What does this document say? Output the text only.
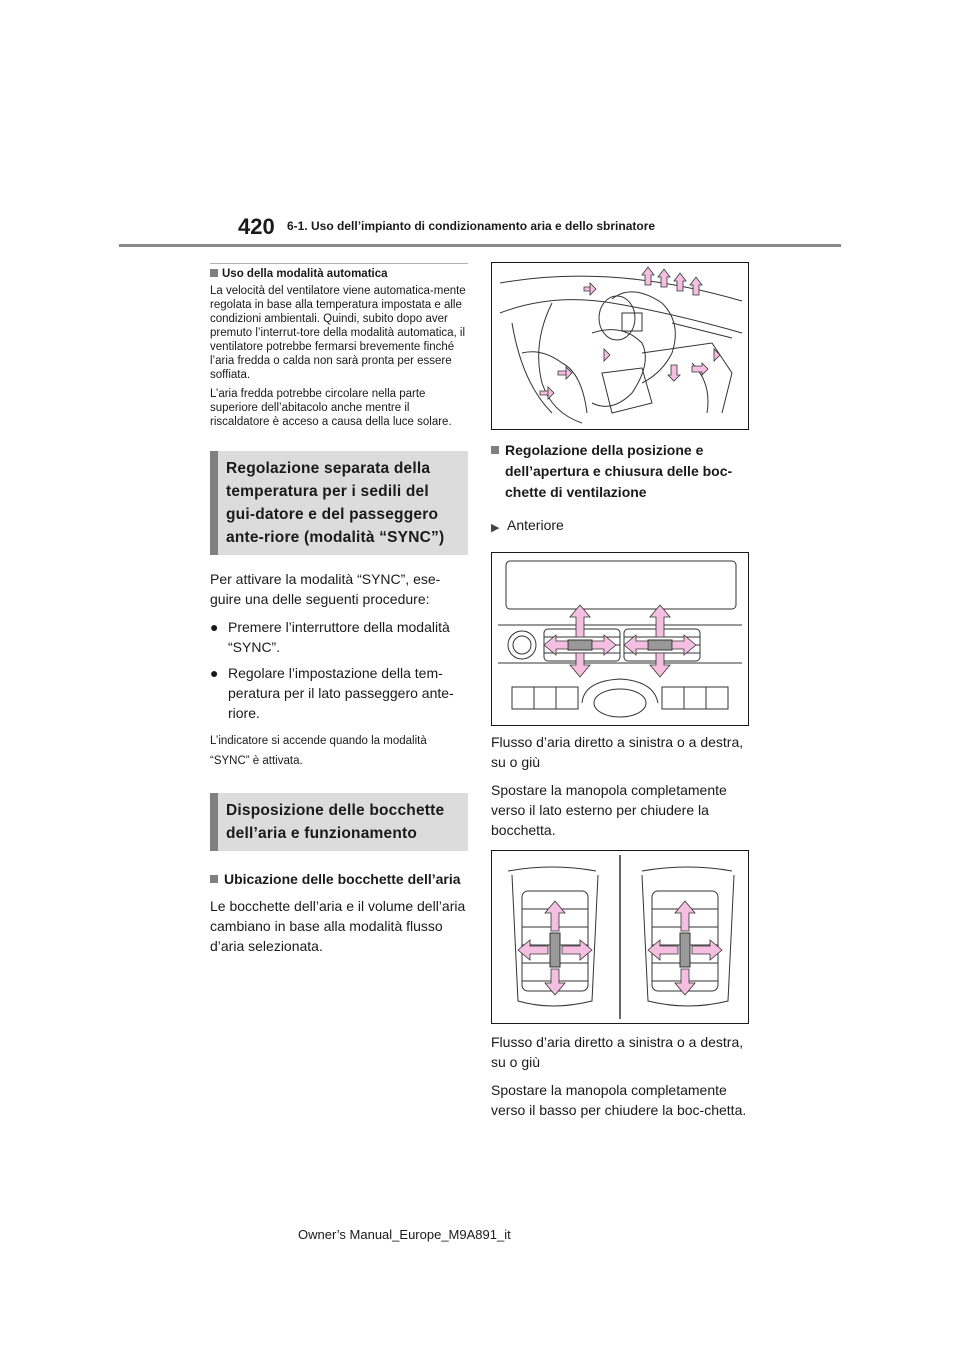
420 6-1. Uso dell’impianto di condizionamento aria e dello sbrinatore
Uso della modalità automatica

La velocità del ventilatore viene automatica-mente regolata in base alla temperatura impostata e alle condizioni ambientali. Quindi, subito dopo aver premuto l’interrut-tore della modalità automatica, il ventilatore potrebbe fermarsi brevemente finché l’aria fredda o calda non sarà pronta per essere soffiata.

L’aria fredda potrebbe circolare nella parte superiore dell’abitacolo anche mentre il riscaldatore è acceso a causa della luce solare.

Regolazione separata della temperatura per i sedili del gui-datore e del passeggero ante-riore (modalità “SYNC”)

Per attivare la modalità “SYNC”, ese-guire una delle seguenti procedure:

● Premere l’interruttore della modalità “SYNC”.
● Regolare l’impostazione della tem-peratura per il lato passeggero ante-riore.

L’indicatore si accende quando la modalità “SYNC” è attivata.

Disposizione delle bocchette dell’aria e funzionamento
Ubicazione delle bocchette dell’aria

Le bocchette dell’aria e il volume dell’aria cambiano in base alla modalità flusso d’aria selezionata.

Regolazione della posizione e dell’apertura e chiusura delle boc-chette di ventilazione
▶ Anteriore

Flusso d’aria diretto a sinistra o a destra, su o giù

Spostare la manopola completamente verso il lato esterno per chiudere la bocchetta.

Flusso d’aria diretto a sinistra o a destra, su o giù

Spostare la manopola completamente verso il basso per chiudere la boc-chetta.

Owner’s Manual_Europe_M9A891_it
